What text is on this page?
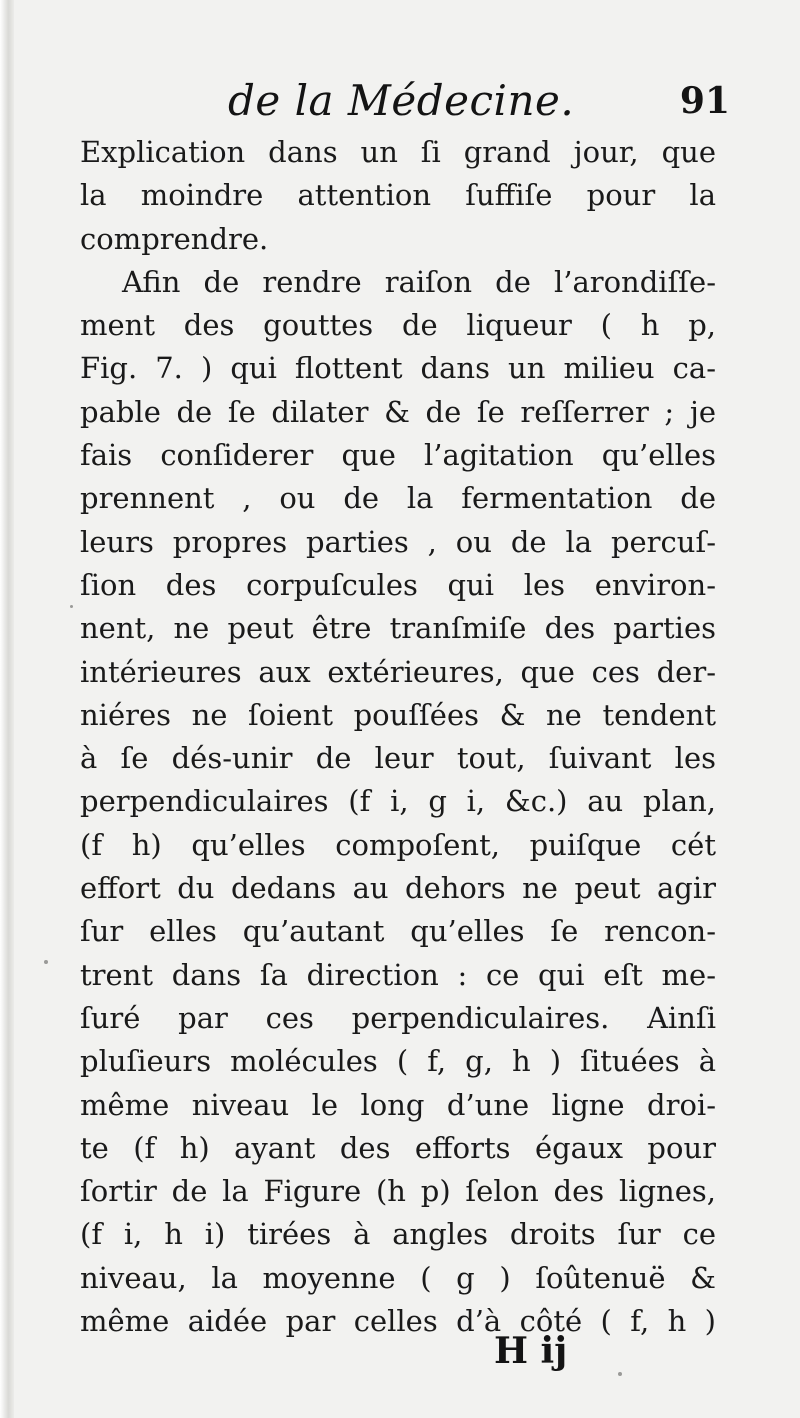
de la Médecine.	91
Explication dans un ſi grand jour, que
la moindre attention ſuffiſe pour la
comprendre.
Afin de rendre raiſon de l’arondiſſe-
ment des gouttes de liqueur ( h p,
Fig. 7. ) qui flottent dans un milieu ca-
pable de ſe dilater & de ſe reſſerrer ; je
fais conſiderer que l’agitation qu’elles
prennent , ou de la fermentation de
leurs propres parties , ou de la percuſ-
ſion des corpuſcules qui les environ-
nent, ne peut être tranſmiſe des parties
intérieures aux extérieures, que ces der-
niéres ne ſoient pouſſées & ne tendent
à ſe dés-unir de leur tout, ſuivant les
perpendiculaires (f i, g i, &c.) au plan,
(f h) qu’elles compoſent, puiſque cét
effort du dedans au dehors ne peut agir
ſur elles qu’autant qu’elles ſe rencon-
trent dans ſa direction : ce qui eſt me-
ſuré par ces perpendiculaires. Ainſi
pluſieurs molécules ( f, g, h ) ſituées à
même niveau le long d’une ligne droi-
te (f h) ayant des efforts égaux pour
ſortir de la Figure (h p) ſelon des lignes,
(f i, h i) tirées à angles droits ſur ce
niveau, la moyenne ( g ) ſoûtenuë &
même aidée par celles d’à côté ( f, h )
H ij
